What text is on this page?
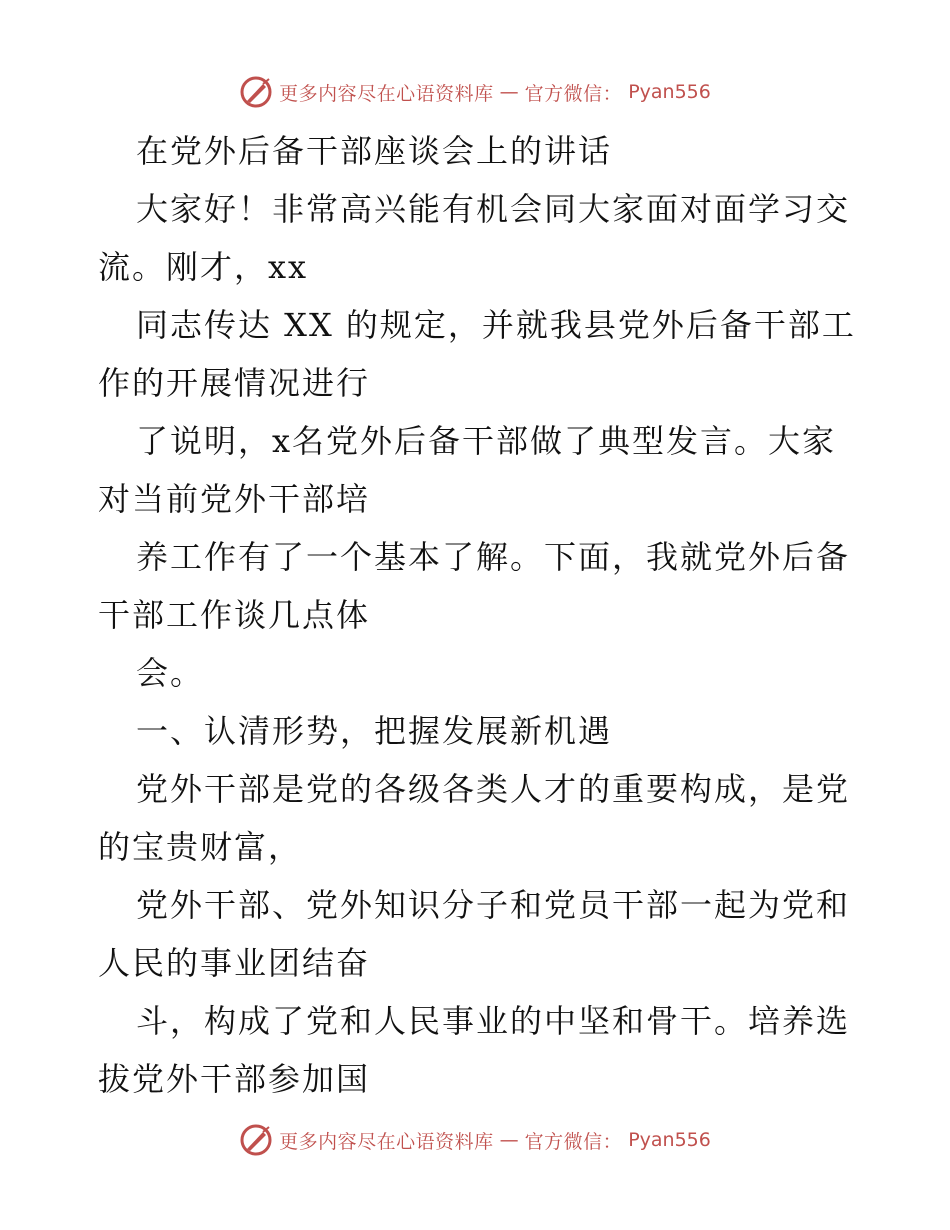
更多内容尽在心语资料库 — 官方微信： Pyan556
在党外后备干部座谈会上的讲话
大家好！非常高兴能有机会同大家面对面学习交
流。刚才，xx
同志传达 XX 的规定，并就我县党外后备干部工
作的开展情况进行
了说明，x名党外后备干部做了典型发言。大家
对当前党外干部培
养工作有了一个基本了解。下面，我就党外后备
干部工作谈几点体
会。
一、认清形势，把握发展新机遇
党外干部是党的各级各类人才的重要构成，是党
的宝贵财富，
党外干部、党外知识分子和党员干部一起为党和
人民的事业团结奋
斗，构成了党和人民事业的中坚和骨干。培养选
拔党外干部参加国
更多内容尽在心语资料库 — 官方微信： Pyan556
